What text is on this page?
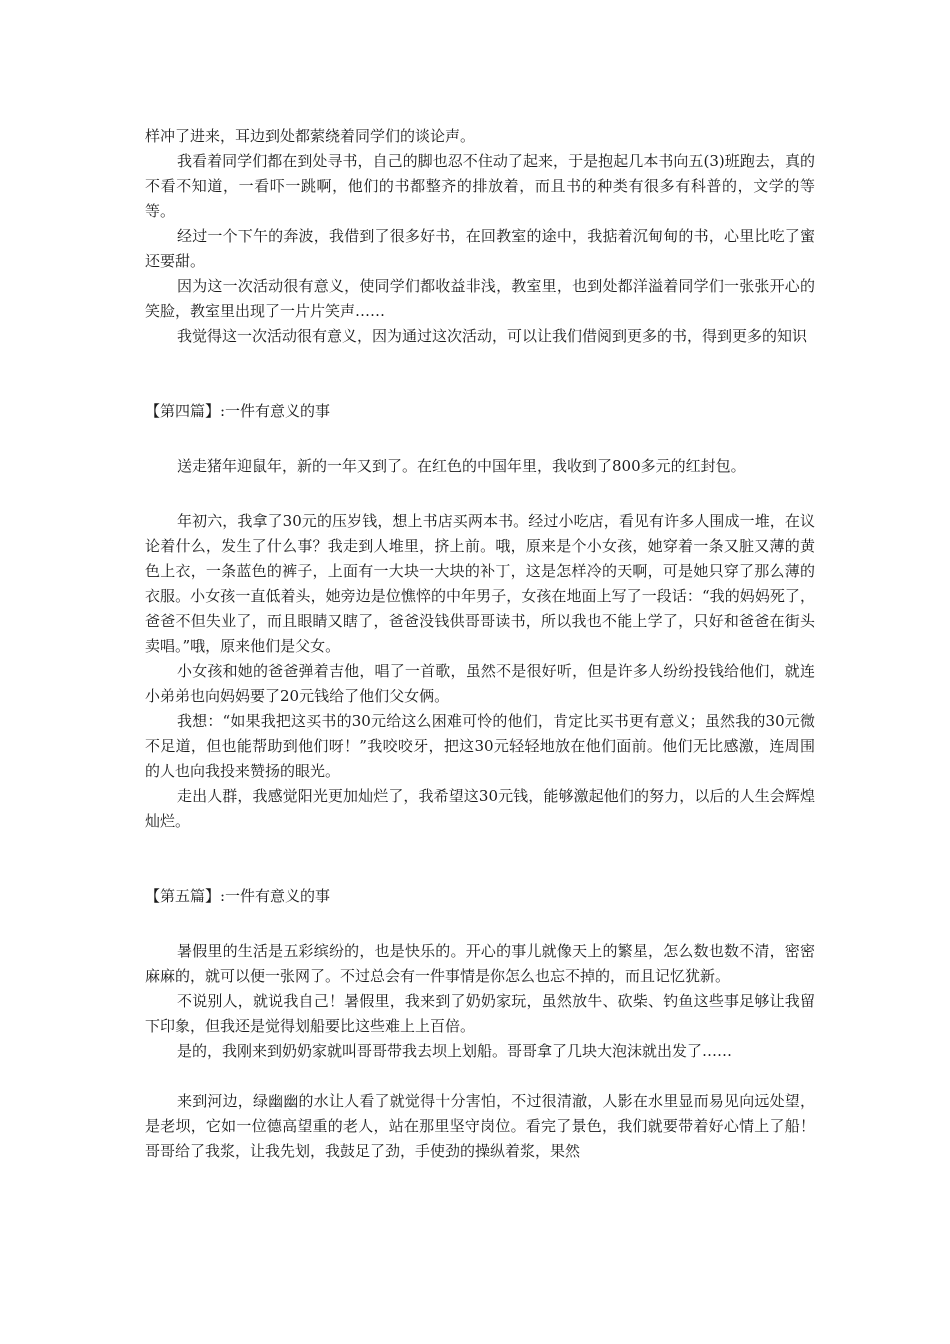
样冲了进来，耳边到处都萦绕着同学们的谈论声。

我看着同学们都在到处寻书，自己的脚也忍不住动了起来，于是抱起几本书向五(3)班跑去，真的不看不知道，一看吓一跳啊，他们的书都整齐的排放着，而且书的种类有很多有科普的，文学的等等。

经过一个下午的奔波，我借到了很多好书，在回教室的途中，我掂着沉甸甸的书，心里比吃了蜜还要甜。

因为这一次活动很有意义，使同学们都收益非浅，教室里，也到处都洋溢着同学们一张张开心的笑脸，教室里出现了一片片笑声……

我觉得这一次活动很有意义，因为通过这次活动，可以让我们借阅到更多的书，得到更多的知识

【第四篇】:一件有意义的事

送走猪年迎鼠年，新的一年又到了。在红色的中国年里，我收到了800多元的红封包。

年初六，我拿了30元的压岁钱，想上书店买两本书。经过小吃店，看见有许多人围成一堆，在议论着什么，发生了什么事？我走到人堆里，挤上前。哦，原来是个小女孩，她穿着一条又脏又薄的黄色上衣，一条蓝色的裤子，上面有一大块一大块的补丁，这是怎样冷的天啊，可是她只穿了那么薄的衣服。小女孩一直低着头，她旁边是位憔悴的中年男子，女孩在地面上写了一段话：“我的妈妈死了，爸爸不但失业了，而且眼睛又瞎了，爸爸没钱供哥哥读书，所以我也不能上学了，只好和爸爸在街头卖唱。”哦，原来他们是父女。

小女孩和她的爸爸弹着吉他，唱了一首歌，虽然不是很好听，但是许多人纷纷投钱给他们，就连小弟弟也向妈妈要了20元钱给了他们父女俩。

我想：“如果我把这买书的30元给这么困难可怜的他们，肯定比买书更有意义；虽然我的30元微不足道，但也能帮助到他们呀！”我咬咬牙，把这30元轻轻地放在他们面前。他们无比感激，连周围的人也向我投来赞扬的眼光。

走出人群，我感觉阳光更加灿烂了，我希望这30元钱，能够激起他们的努力，以后的人生会辉煌灿烂。

【第五篇】:一件有意义的事

暑假里的生活是五彩缤纷的，也是快乐的。开心的事儿就像天上的繁星，怎么数也数不清，密密麻麻的，就可以便一张网了。不过总会有一件事情是你怎么也忘不掉的，而且记忆犹新。

不说别人，就说我自己！暑假里，我来到了奶奶家玩，虽然放牛、砍柴、钓鱼这些事足够让我留下印象，但我还是觉得划船要比这些难上上百倍。

是的，我刚来到奶奶家就叫哥哥带我去坝上划船。哥哥拿了几块大泡沫就出发了……

来到河边，绿幽幽的水让人看了就觉得十分害怕，不过很清澈，人影在水里显而易见向远处望，是老坝，它如一位德高望重的老人，站在那里坚守岗位。看完了景色，我们就要带着好心情上了船！哥哥给了我浆，让我先划，我鼓足了劲，手使劲的操纵着浆，果然
